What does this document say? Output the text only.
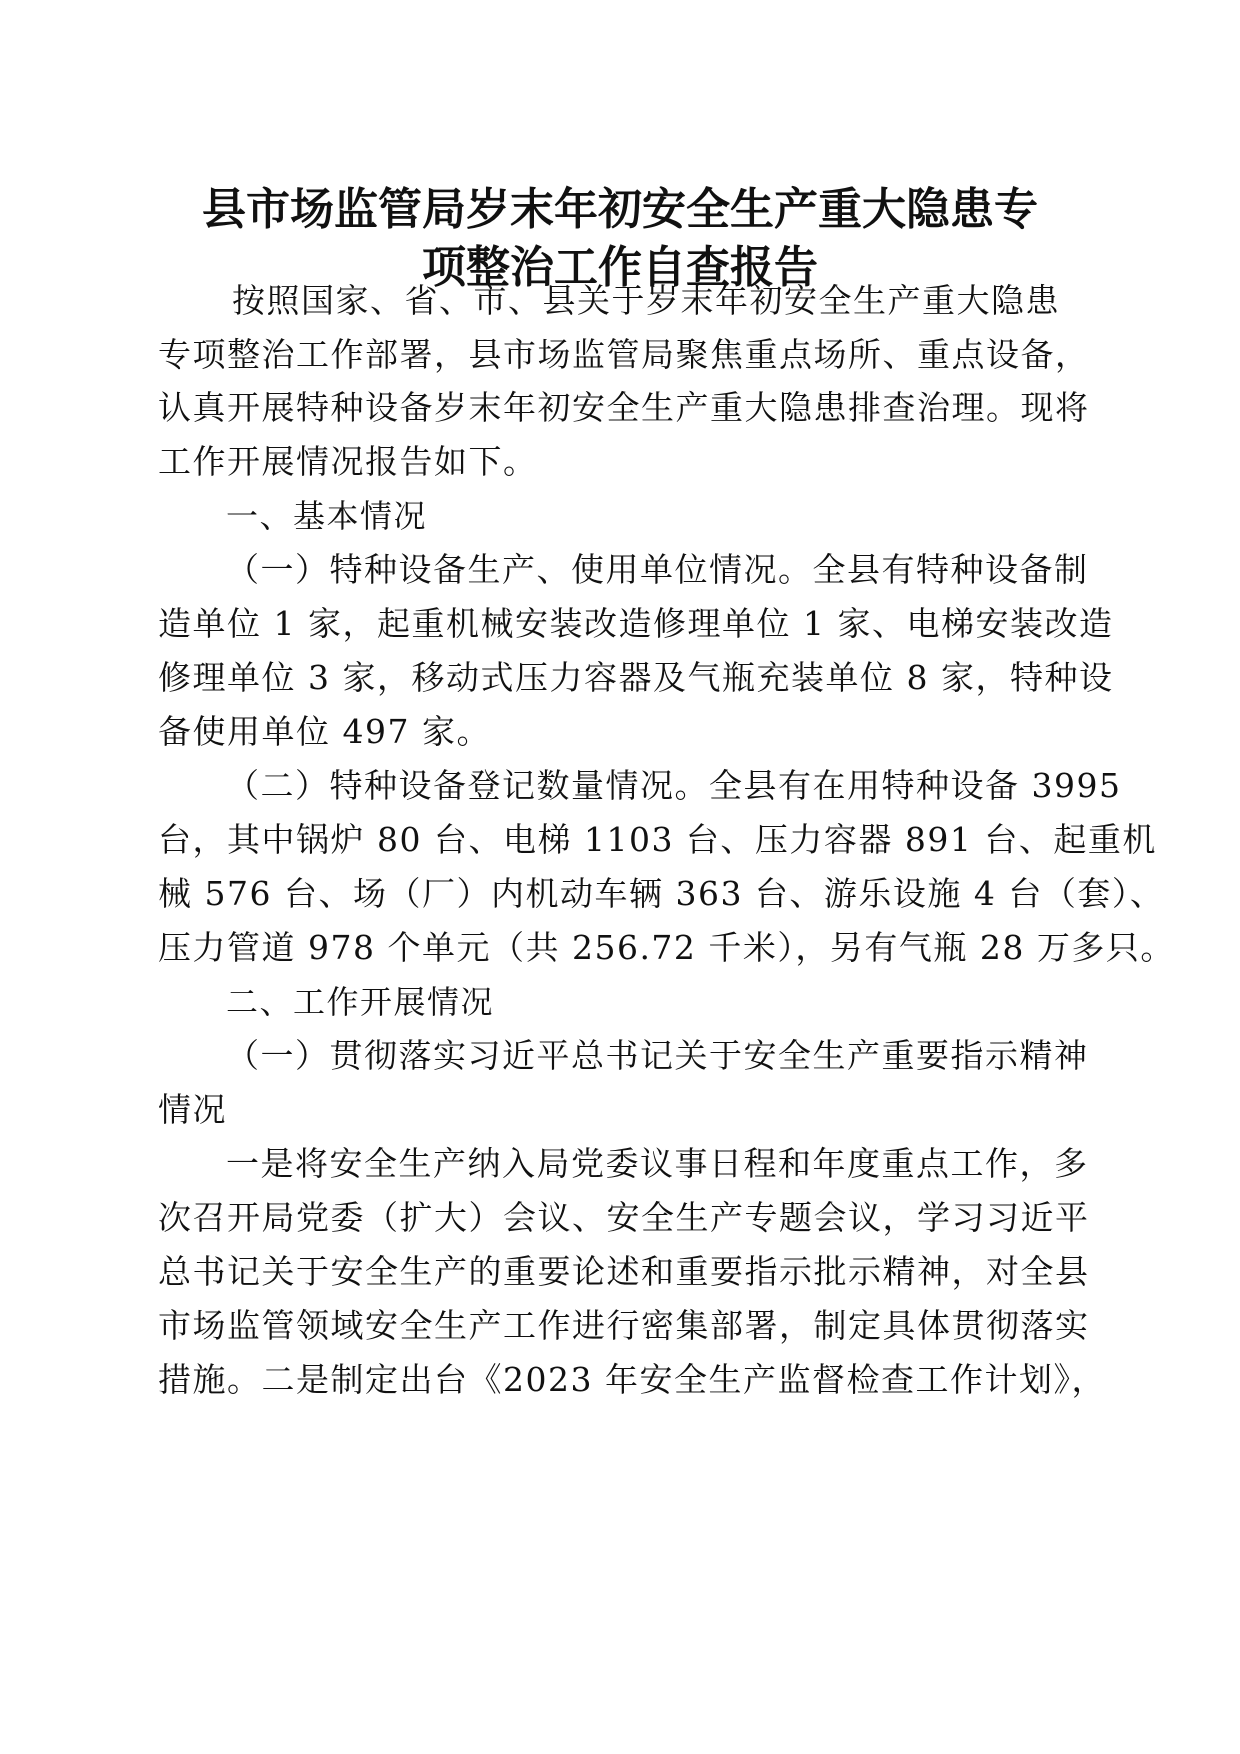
县市场监管局岁末年初安全生产重大隐患专
项整治工作自查报告
按照国家、省、市、县关于岁末年初安全生产重大隐患
专项整治工作部署，县市场监管局聚焦重点场所、重点设备，
认真开展特种设备岁末年初安全生产重大隐患排查治理。现将
工作开展情况报告如下。
一、基本情况
（一）特种设备生产、使用单位情况。全县有特种设备制
造单位 1 家，起重机械安装改造修理单位 1 家、电梯安装改造
修理单位 3 家，移动式压力容器及气瓶充装单位 8 家，特种设
备使用单位 497 家。
（二）特种设备登记数量情况。全县有在用特种设备 3995
台，其中锅炉 80 台、电梯 1103 台、压力容器 891 台、起重机
械 576 台、场（厂）内机动车辆 363 台、游乐设施 4 台（套）、
压力管道 978 个单元（共 256.72 千米），另有气瓶 28 万多只。
二、工作开展情况
（一）贯彻落实习近平总书记关于安全生产重要指示精神
情况
一是将安全生产纳入局党委议事日程和年度重点工作，多
次召开局党委（扩大）会议、安全生产专题会议，学习习近平
总书记关于安全生产的重要论述和重要指示批示精神，对全县
市场监管领域安全生产工作进行密集部署，制定具体贯彻落实
措施。二是制定出台《2023 年安全生产监督检查工作计划》，
